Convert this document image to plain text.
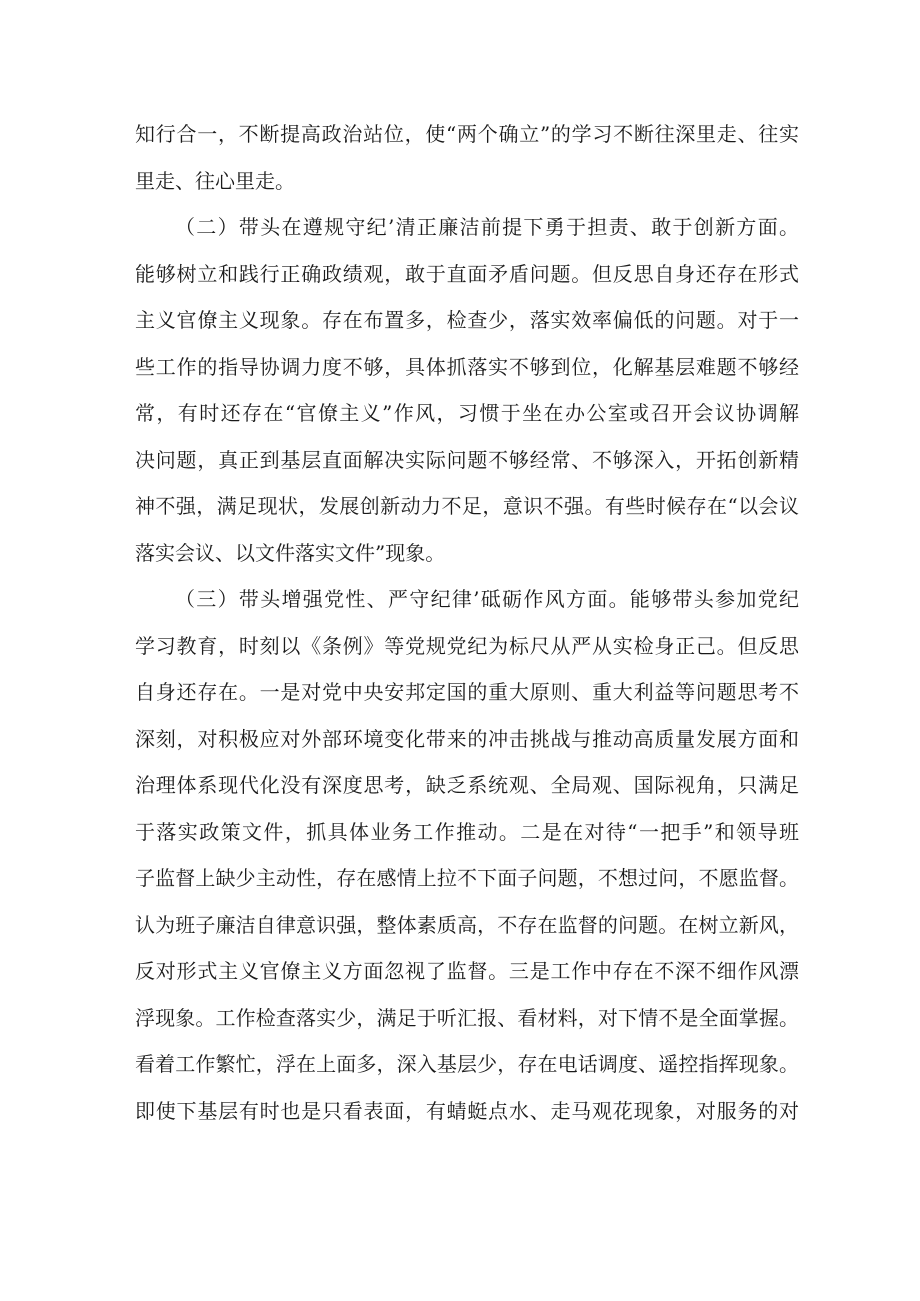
知行合一，不断提高政治站位，使“两个确立”的学习不断往深里走、往实
里走、往心里走。
（二）带头在遵规守纪’清正廉洁前提下勇于担责、敢于创新方面。
能够树立和践行正确政绩观，敢于直面矛盾问题。但反思自身还存在形式
主义官僚主义现象。存在布置多，检查少，落实效率偏低的问题。对于一
些工作的指导协调力度不够，具体抓落实不够到位，化解基层难题不够经
常，有时还存在“官僚主义”作风，习惯于坐在办公室或召开会议协调解
决问题，真正到基层直面解决实际问题不够经常、不够深入，开拓创新精
神不强，满足现状，发展创新动力不足，意识不强。有些时候存在“以会议
落实会议、以文件落实文件”现象。
（三）带头增强党性、严守纪律’砥砺作风方面。能够带头参加党纪
学习教育，时刻以《条例》等党规党纪为标尺从严从实检身正己。但反思
自身还存在。一是对党中央安邦定国的重大原则、重大利益等问题思考不
深刻，对积极应对外部环境变化带来的冲击挑战与推动高质量发展方面和
治理体系现代化没有深度思考，缺乏系统观、全局观、国际视角，只满足
于落实政策文件，抓具体业务工作推动。二是在对待“一把手”和领导班
子监督上缺少主动性，存在感情上拉不下面子问题，不想过问，不愿监督。
认为班子廉洁自律意识强，整体素质高，不存在监督的问题。在树立新风，
反对形式主义官僚主义方面忽视了监督。三是工作中存在不深不细作风漂
浮现象。工作检查落实少，满足于听汇报、看材料，对下情不是全面掌握。
看着工作繁忙，浮在上面多，深入基层少，存在电话调度、遥控指挥现象。
即使下基层有时也是只看表面，有蜻蜓点水、走马观花现象，对服务的对
